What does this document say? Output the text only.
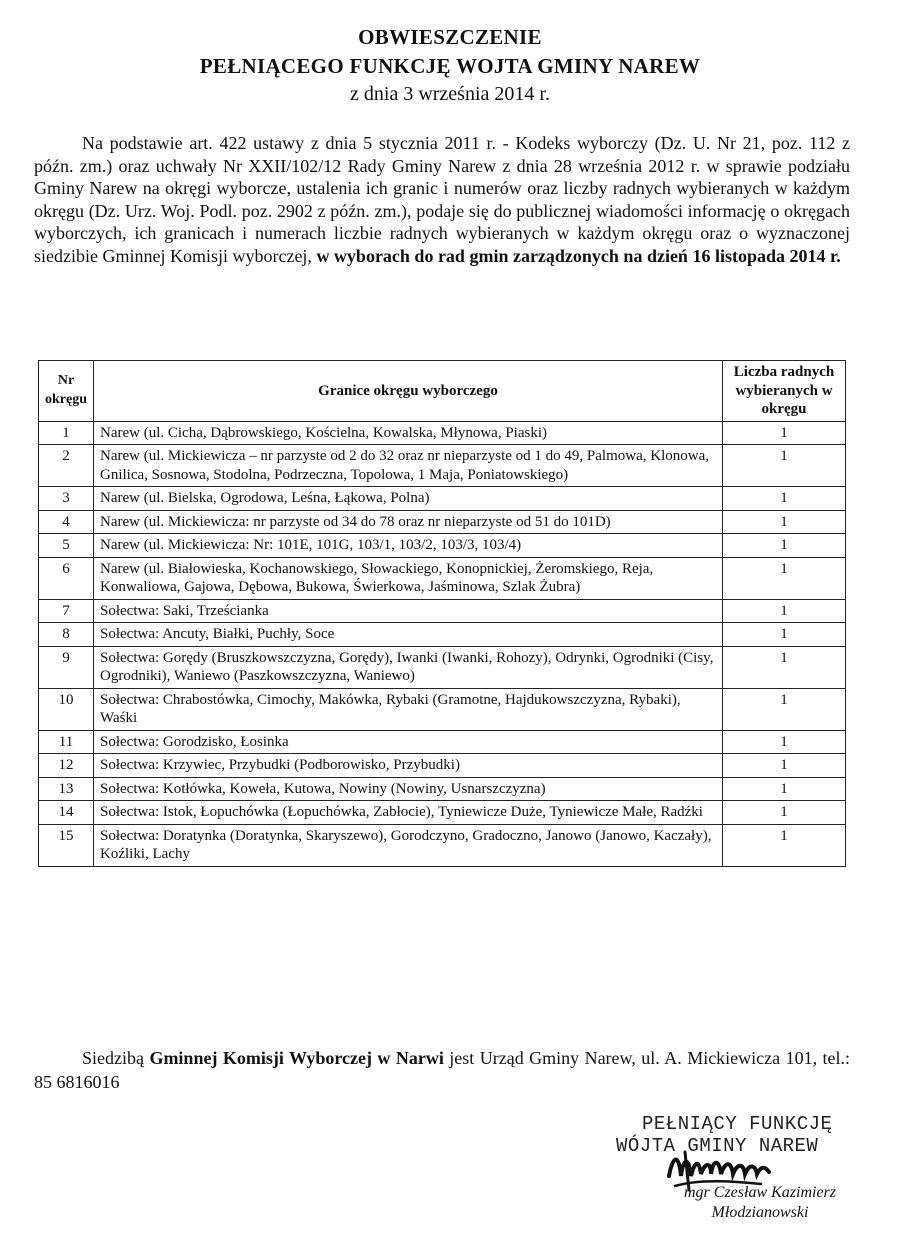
OBWIESZCZENIE
PEŁNIĄCEGO FUNKCJĘ WOJTA GMINY NAREW
z dnia 3 września 2014 r.
Na podstawie art. 422 ustawy z dnia 5 stycznia 2011 r. - Kodeks wyborczy (Dz. U. Nr 21, poz. 112 z późn. zm.) oraz uchwały Nr XXII/102/12 Rady Gminy Narew z dnia 28 września 2012 r. w sprawie podziału Gminy Narew na okręgi wyborcze, ustalenia ich granic i numerów oraz liczby radnych wybieranych w każdym okręgu (Dz. Urz. Woj. Podl. poz. 2902 z późn. zm.), podaje się do publicznej wiadomości informację o okręgach wyborczych, ich granicach i numerach liczbie radnych wybieranych w każdym okręgu oraz o wyznaczonej siedzibie Gminnej Komisji wyborczej, w wyborach do rad gmin zarządzonych na dzień 16 listopada 2014 r.
Nr okręgu	Granice okręgu wyborczego	Liczba radnych wybieranych w okręgu
1	Narew (ul. Cicha, Dąbrowskiego, Kościelna, Kowalska, Młynowa, Piaski)	1
2	Narew (ul. Mickiewicza – nr parzyste od 2 do 32 oraz nr nieparzyste od 1 do 49, Palmowa, Klonowa, Gnilica, Sosnowa, Stodolna, Podrzeczna, Topolowa, 1 Maja, Poniatowskiego)	1
3	Narew (ul. Bielska, Ogrodowa, Leśna, Łąkowa, Polna)	1
4	Narew (ul. Mickiewicza: nr parzyste od 34 do 78 oraz nr nieparzyste od 51 do 101D)	1
5	Narew (ul. Mickiewicza: Nr: 101E, 101G, 103/1, 103/2, 103/3, 103/4)	1
6	Narew (ul. Białowieska, Kochanowskiego, Słowackiego, Konopnickiej, Żeromskiego, Reja, Konwaliowa, Gajowa, Dębowa, Bukowa, Świerkowa, Jaśminowa, Szlak Żubra)	1
7	Sołectwa: Saki, Trześcianka	1
8	Sołectwa: Ancuty, Białki, Puchły, Soce	1
9	Sołectwa: Gorędy (Bruszkowszczyzna, Gorędy), Iwanki (Iwanki, Rohozy), Odrynki, Ogrodniki (Cisy, Ogrodniki), Waniewo (Paszkowszczyzna, Waniewo)	1
10	Sołectwa: Chrabostówka, Cimochy, Makówka, Rybaki (Gramotne, Hajdukowszczyzna, Rybaki), Waśki	1
11	Sołectwa: Gorodzisko, Łosinka	1
12	Sołectwa: Krzywiec, Przybudki (Podborowisko, Przybudki)	1
13	Sołectwa: Kotłówka, Koweła, Kutowa, Nowiny (Nowiny, Usnarszczyzna)	1
14	Sołectwa: Istok, Łopuchówka (Łopuchówka, Zabłocie), Tyniewicze Duże, Tyniewicze Małe, Radźki	1
15	Sołectwa: Doratynka (Doratynka, Skaryszewo), Gorodczyno, Gradoczno, Janowo (Janowo, Kaczały), Koźliki, Lachy	1
Siedzibą Gminnej Komisji Wyborczej w Narwi jest Urząd Gminy Narew, ul. A. Mickiewicza 101, tel.: 85 6816016
PEŁNIĄCY FUNKCJĘ
WÓJTA GMINY NAREW
mgr Czesław Kazimierz
Młodzianowski
